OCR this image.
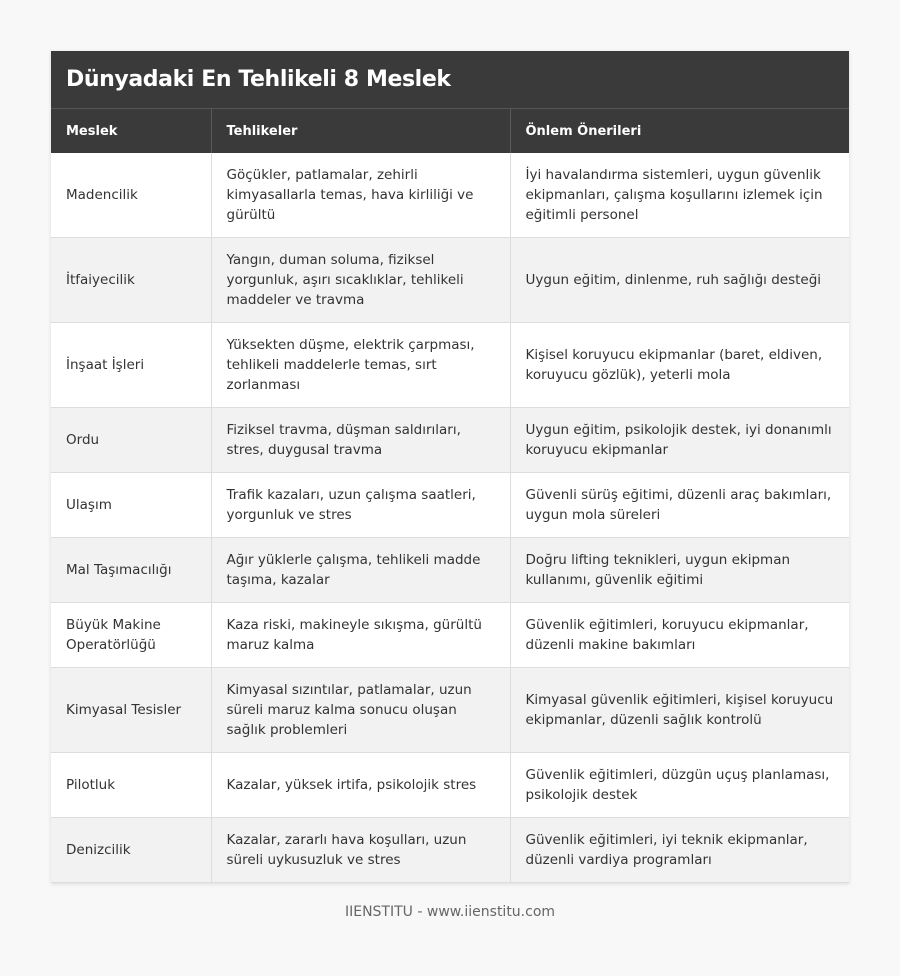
Dünyadaki En Tehlikeli 8 Meslek
Meslek	Tehlikeler	Önlem Önerileri
Madencilik	Göçükler, patlamalar, zehirli kimyasallarla temas, hava kirliliği ve gürültü	İyi havalandırma sistemleri, uygun güvenlik ekipmanları, çalışma koşullarını izlemek için eğitimli personel
İtfaiyecilik	Yangın, duman soluma, fiziksel yorgunluk, aşırı sıcaklıklar, tehlikeli maddeler ve travma	Uygun eğitim, dinlenme, ruh sağlığı desteği
İnşaat İşleri	Yüksekten düşme, elektrik çarpması, tehlikeli maddelerle temas, sırt zorlanması	Kişisel koruyucu ekipmanlar (baret, eldiven, koruyucu gözlük), yeterli mola
Ordu	Fiziksel travma, düşman saldırıları, stres, duygusal travma	Uygun eğitim, psikolojik destek, iyi donanımlı koruyucu ekipmanlar
Ulaşım	Trafik kazaları, uzun çalışma saatleri, yorgunluk ve stres	Güvenli sürüş eğitimi, düzenli araç bakımları, uygun mola süreleri
Mal Taşımacılığı	Ağır yüklerle çalışma, tehlikeli madde taşıma, kazalar	Doğru lifting teknikleri, uygun ekipman kullanımı, güvenlik eğitimi
Büyük Makine Operatörlüğü	Kaza riski, makineyle sıkışma, gürültü maruz kalma	Güvenlik eğitimleri, koruyucu ekipmanlar, düzenli makine bakımları
Kimyasal Tesisler	Kimyasal sızıntılar, patlamalar, uzun süreli maruz kalma sonucu oluşan sağlık problemleri	Kimyasal güvenlik eğitimleri, kişisel koruyucu ekipmanlar, düzenli sağlık kontrolü
Pilotluk	Kazalar, yüksek irtifa, psikolojik stres	Güvenlik eğitimleri, düzgün uçuş planlaması, psikolojik destek
Denizcilik	Kazalar, zararlı hava koşulları, uzun süreli uykusuzluk ve stres	Güvenlik eğitimleri, iyi teknik ekipmanlar, düzenli vardiya programları
IIENSTITU - www.iienstitu.com
